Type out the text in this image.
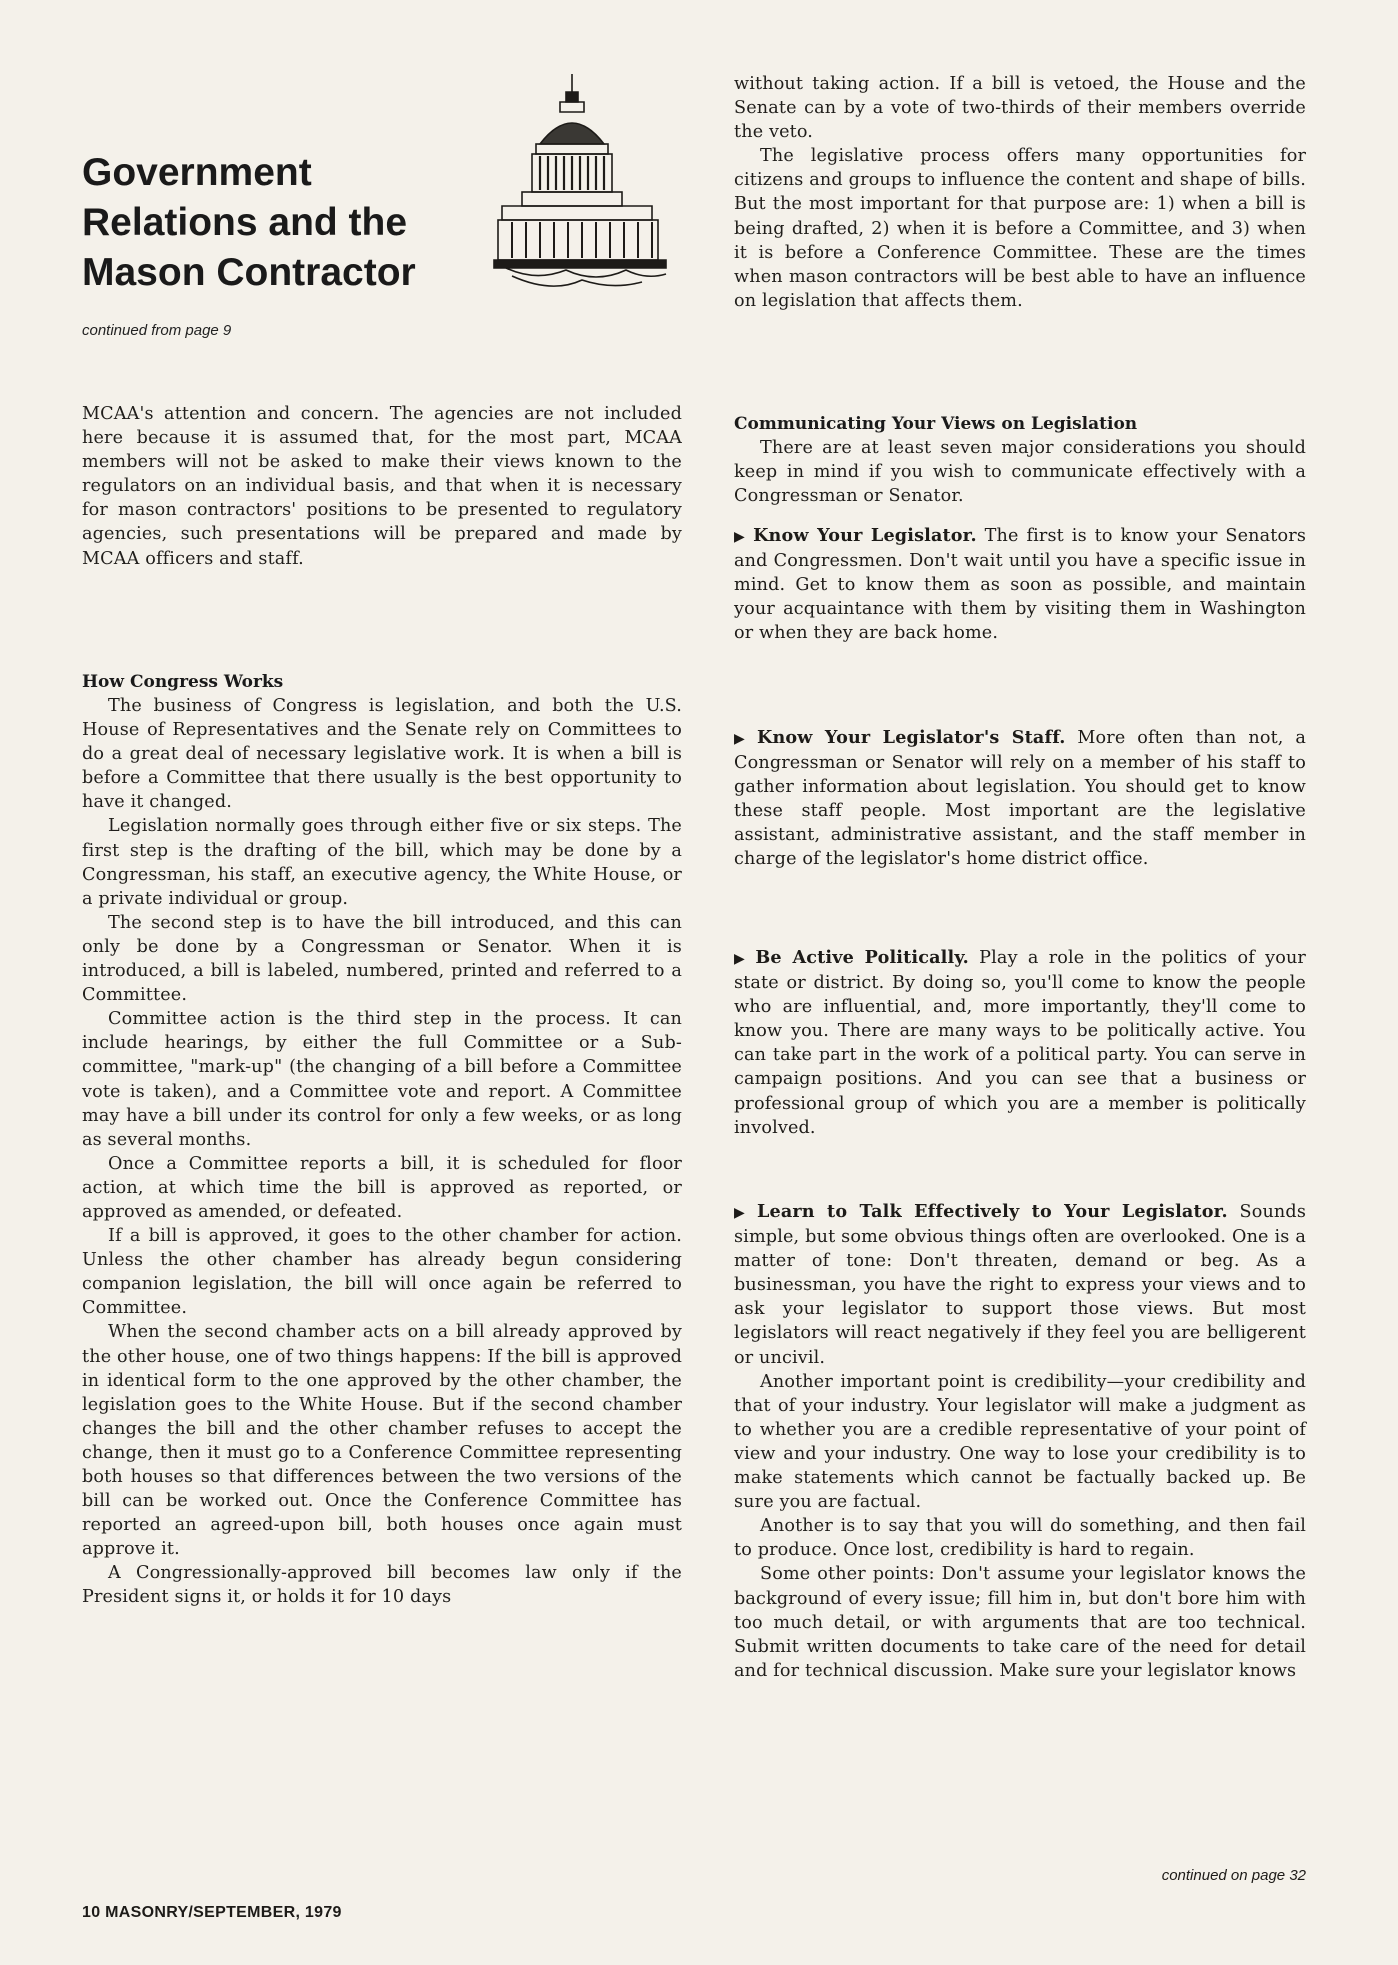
Government Relations and the Mason Contractor
continued from page 9

MCAA's attention and concern. The agencies are not included here because it is assumed that, for the most part, MCAA members will not be asked to make their views known to the regulators on an individual basis, and that when it is necessary for mason contractors' positions to be presented to regulatory agencies, such presentations will be prepared and made by MCAA officers and staff.

How Congress Works

The business of Congress is legislation, and both the U.S. House of Representatives and the Senate rely on Committees to do a great deal of necessary legislative work. It is when a bill is before a Committee that there usually is the best opportunity to have it changed.

Legislation normally goes through either five or six steps. The first step is the drafting of the bill, which may be done by a Congressman, his staff, an executive agency, the White House, or a private individual or group.

The second step is to have the bill introduced, and this can only be done by a Congressman or Senator. When it is introduced, a bill is labeled, numbered, printed and referred to a Committee.

Committee action is the third step in the process. It can include hearings, by either the full Committee or a Sub-committee, "mark-up" (the changing of a bill before a Committee vote is taken), and a Committee vote and report. A Committee may have a bill under its control for only a few weeks, or as long as several months.

Once a Committee reports a bill, it is scheduled for floor action, at which time the bill is approved as reported, or approved as amended, or defeated.

If a bill is approved, it goes to the other chamber for action. Unless the other chamber has already begun considering companion legislation, the bill will once again be referred to Committee.

When the second chamber acts on a bill already approved by the other house, one of two things happens: If the bill is approved in identical form to the one approved by the other chamber, the legislation goes to the White House. But if the second chamber changes the bill and the other chamber refuses to accept the change, then it must go to a Conference Committee representing both houses so that differences between the two versions of the bill can be worked out. Once the Conference Committee has reported an agreed-upon bill, both houses once again must approve it.

A Congressionally-approved bill becomes law only if the President signs it, or holds it for 10 days

without taking action. If a bill is vetoed, the House and the Senate can by a vote of two-thirds of their members override the veto.

The legislative process offers many opportunities for citizens and groups to influence the content and shape of bills. But the most important for that purpose are: 1) when a bill is being drafted, 2) when it is before a Committee, and 3) when it is before a Conference Committee. These are the times when mason contractors will be best able to have an influence on legislation that affects them.

Communicating Your Views on Legislation

There are at least seven major considerations you should keep in mind if you wish to communicate effectively with a Congressman or Senator.

▶ Know Your Legislator. The first is to know your Senators and Congressmen. Don't wait until you have a specific issue in mind. Get to know them as soon as possible, and maintain your acquaintance with them by visiting them in Washington or when they are back home.

▶ Know Your Legislator's Staff. More often than not, a Congressman or Senator will rely on a member of his staff to gather information about legislation. You should get to know these staff people. Most important are the legislative assistant, administrative assistant, and the staff member in charge of the legislator's home district office.

▶ Be Active Politically. Play a role in the politics of your state or district. By doing so, you'll come to know the people who are influential, and, more importantly, they'll come to know you. There are many ways to be politically active. You can take part in the work of a political party. You can serve in campaign positions. And you can see that a business or professional group of which you are a member is politically involved.

▶ Learn to Talk Effectively to Your Legislator. Sounds simple, but some obvious things often are overlooked. One is a matter of tone: Don't threaten, demand or beg. As a businessman, you have the right to express your views and to ask your legislator to support those views. But most legislators will react negatively if they feel you are belligerent or uncivil.

Another important point is credibility—your credibility and that of your industry. Your legislator will make a judgment as to whether you are a credible representative of your point of view and your industry. One way to lose your credibility is to make statements which cannot be factually backed up. Be sure you are factual.

Another is to say that you will do something, and then fail to produce. Once lost, credibility is hard to regain.

Some other points: Don't assume your legislator knows the background of every issue; fill him in, but don't bore him with too much detail, or with arguments that are too technical. Submit written documents to take care of the need for detail and for technical discussion. Make sure your legislator knows

continued on page 32
10 MASONRY/SEPTEMBER, 1979
